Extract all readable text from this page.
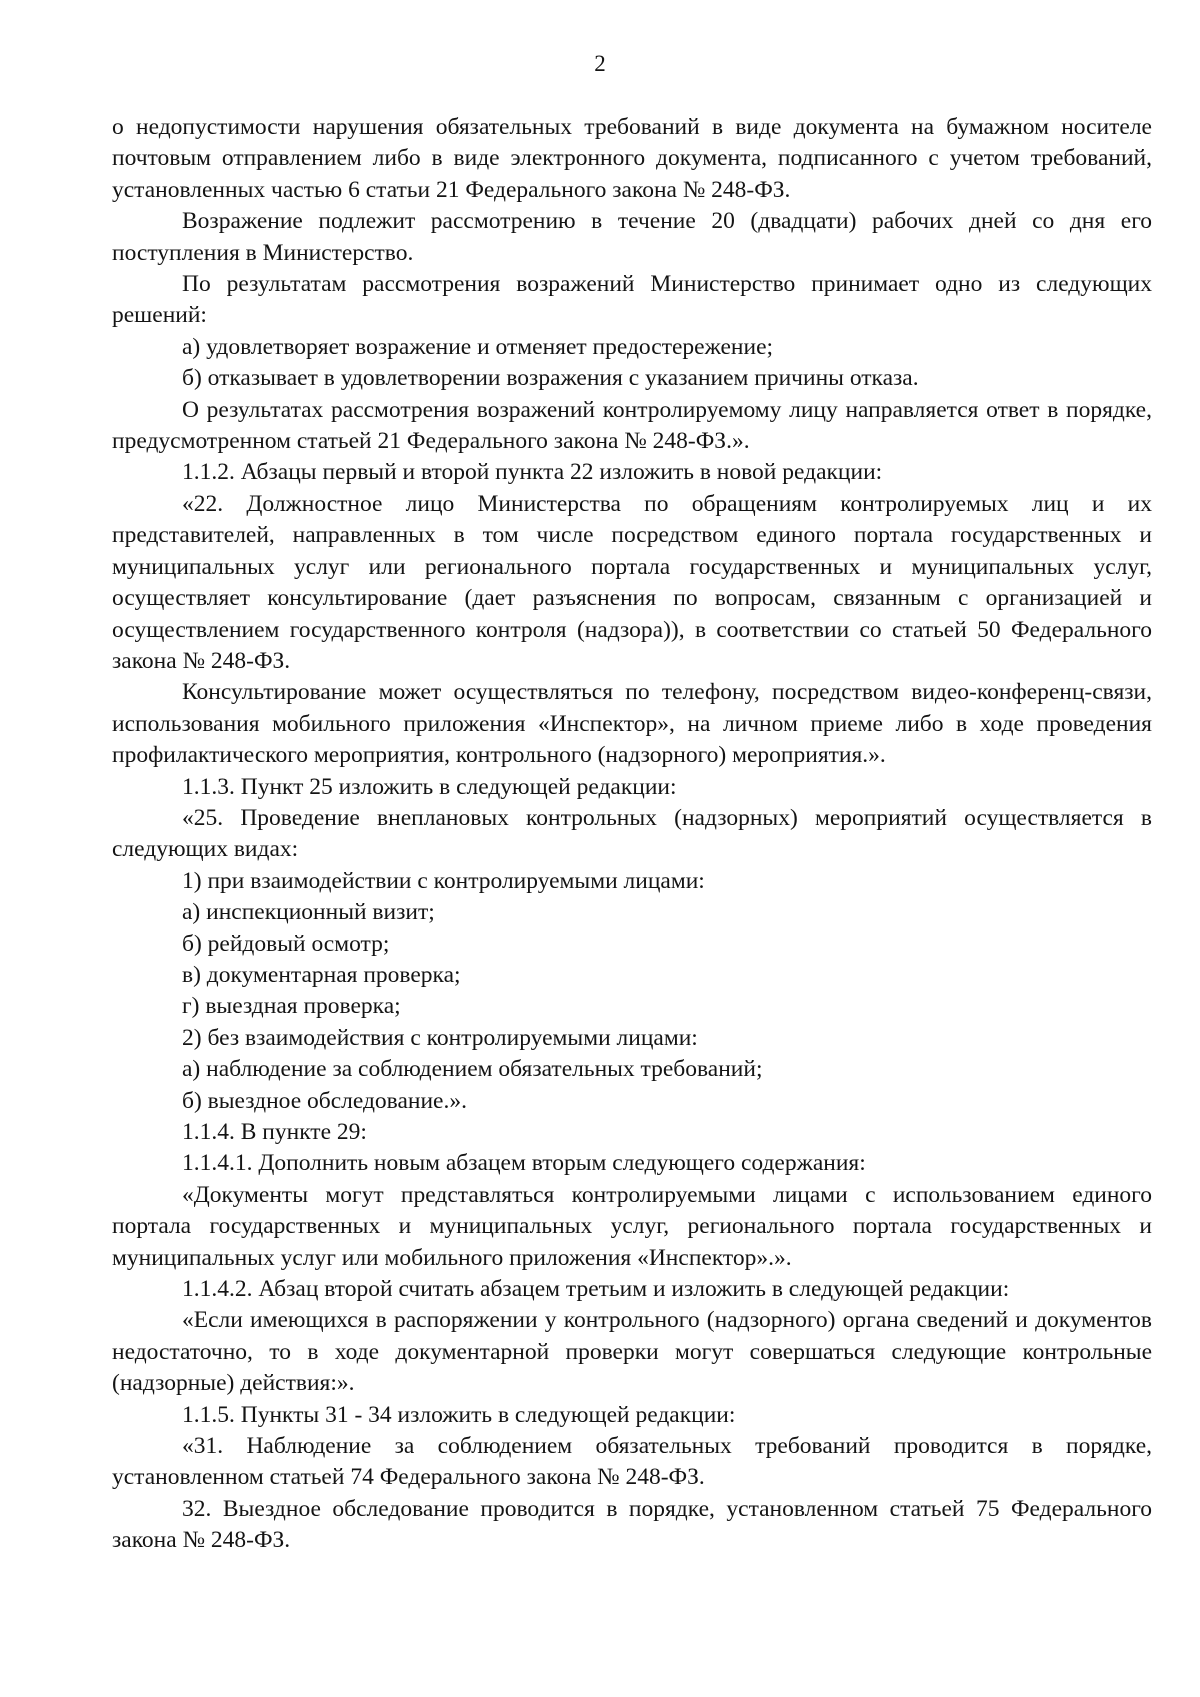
2

о недопустимости нарушения обязательных требований в виде документа на бумажном носителе почтовым отправлением либо в виде электронного документа, подписанного с учетом требований, установленных частью 6 статьи 21 Федерального закона № 248-ФЗ.

Возражение подлежит рассмотрению в течение 20 (двадцати) рабочих дней со дня его поступления в Министерство.

По результатам рассмотрения возражений Министерство принимает одно из следующих решений:

а) удовлетворяет возражение и отменяет предостережение;

б) отказывает в удовлетворении возражения с указанием причины отказа.

О результатах рассмотрения возражений контролируемому лицу направляется ответ в порядке, предусмотренном статьей 21 Федерального закона № 248-ФЗ.».

1.1.2. Абзацы первый и второй пункта 22 изложить в новой редакции:

«22. Должностное лицо Министерства по обращениям контролируемых лиц и их представителей, направленных в том числе посредством единого портала государственных и муниципальных услуг или регионального портала государственных и муниципальных услуг, осуществляет консультирование (дает разъяснения по вопросам, связанным с организацией и осуществлением государственного контроля (надзора)), в соответствии со статьей 50 Федерального закона № 248-ФЗ.

Консультирование может осуществляться по телефону, посредством видео-конференц-связи, использования мобильного приложения «Инспектор», на личном приеме либо в ходе проведения профилактического мероприятия, контрольного (надзорного) мероприятия.».

1.1.3. Пункт 25 изложить в следующей редакции:

«25. Проведение внеплановых контрольных (надзорных) мероприятий осуществляется в следующих видах:

1) при взаимодействии с контролируемыми лицами:

а) инспекционный визит;

б) рейдовый осмотр;

в) документарная проверка;

г) выездная проверка;

2) без взаимодействия с контролируемыми лицами:

а) наблюдение за соблюдением обязательных требований;

б) выездное обследование.».

1.1.4. В пункте 29:

1.1.4.1. Дополнить новым абзацем вторым следующего содержания:

«Документы могут представляться контролируемыми лицами с использованием единого портала государственных и муниципальных услуг, регионального портала государственных и муниципальных услуг или мобильного приложения «Инспектор».».

1.1.4.2. Абзац второй считать абзацем третьим и изложить в следующей редакции:

«Если имеющихся в распоряжении у контрольного (надзорного) органа сведений и документов недостаточно, то в ходе документарной проверки могут совершаться следующие контрольные (надзорные) действия:».

1.1.5. Пункты 31 - 34 изложить в следующей редакции:

«31. Наблюдение за соблюдением обязательных требований проводится в порядке, установленном статьей 74 Федерального закона № 248-ФЗ.

32. Выездное обследование проводится в порядке, установленном статьей 75 Федерального закона № 248-ФЗ.
